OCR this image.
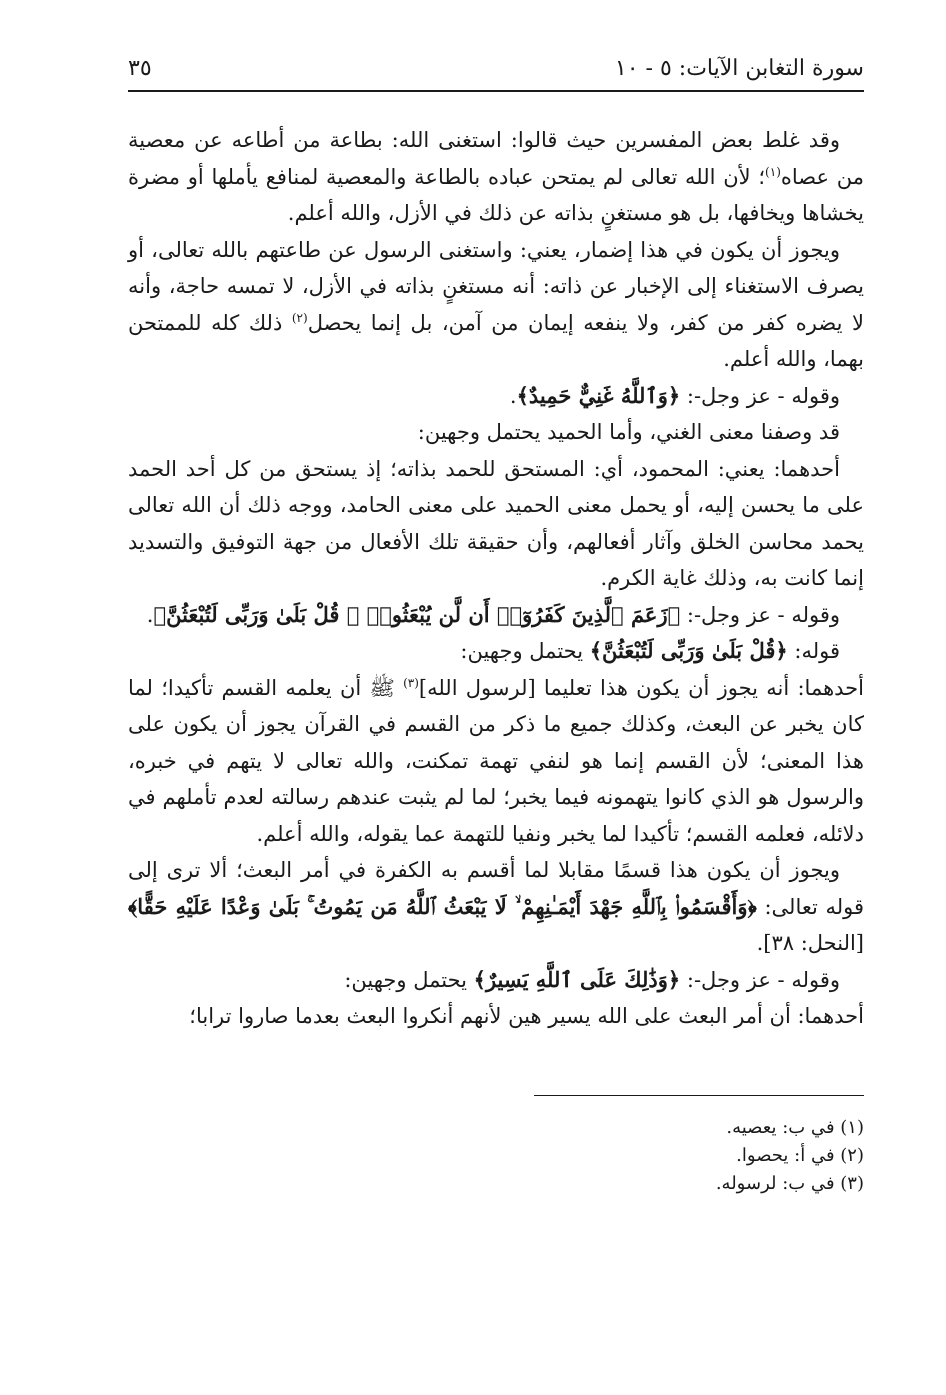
سورة التغابن الآيات: ٥ - ١٠
٣٥

وقد غلط بعض المفسرين حيث قالوا: استغنى الله: بطاعة من أطاعه عن معصية من عصاه$^{(١)}$؛ لأن الله تعالى لم يمتحن عباده بالطاعة والمعصية لمنافع يأملها أو مضرة يخشاها ويخافها، بل هو مستغنٍ بذاته عن ذلك في الأزل، والله أعلم.

ويجوز أن يكون في هذا إضمار، يعني: واستغنى الرسول عن طاعتهم بالله تعالى، أو يصرف الاستغناء إلى الإخبار عن ذاته: أنه مستغنٍ بذاته في الأزل، لا تمسه حاجة، وأنه لا يضره كفر من كفر، ولا ينفعه إيمان من آمن، بل إنما يحصل$^{(٢)}$ ذلك كله للممتحن بهما، والله أعلم.

وقوله - عز وجل-: ﴿وَٱللَّهُ غَنِيٌّ حَمِيدٌ﴾.

قد وصفنا معنى الغني، وأما الحميد يحتمل وجهين:

أحدهما: يعني: المحمود، أي: المستحق للحمد بذاته؛ إذ يستحق من كل أحد الحمد على ما يحسن إليه، أو يحمل معنى الحميد على معنى الحامد، ووجه ذلك أن الله تعالى يحمد محاسن الخلق وآثار أفعالهم، وأن حقيقة تلك الأفعال من جهة التوفيق والتسديد إنما كانت به، وذلك غاية الكرم.

وقوله - عز وجل-: ﴿زَعَمَ ٱلَّذِينَ كَفَرُوٓا۟ أَن لَّن يُبْعَثُوا۟ ۚ قُلْ بَلَىٰ وَرَبِّى لَتُبْعَثُنَّ﴾.

قوله: ﴿قُلْ بَلَىٰ وَرَبِّى لَتُبْعَثُنَّ﴾ يحتمل وجهين:

أحدهما: أنه يجوز أن يكون هذا تعليما [لرسول الله]$^{(٣)}$ ﷺ أن يعلمه القسم تأكيدا؛ لما كان يخبر عن البعث، وكذلك جميع ما ذكر من القسم في القرآن يجوز أن يكون على هذا المعنى؛ لأن القسم إنما هو لنفي تهمة تمكنت، والله تعالى لا يتهم في خبره، والرسول هو الذي كانوا يتهمونه فيما يخبر؛ لما لم يثبت عندهم رسالته لعدم تأملهم في دلائله، فعلمه القسم؛ تأكيدا لما يخبر ونفيا للتهمة عما يقوله، والله أعلم.

ويجوز أن يكون هذا قسمًا مقابلا لما أقسم به الكفرة في أمر البعث؛ ألا ترى إلى قوله تعالى: ﴿وَأَقْسَمُوا۟ بِٱللَّهِ جَهْدَ أَيْمَـٰنِهِمْ ۙ لَا يَبْعَثُ ٱللَّهُ مَن يَمُوتُ ۚ بَلَىٰ وَعْدًا عَلَيْهِ حَقًّا﴾ [النحل: ٣٨].

وقوله - عز وجل-: ﴿وَذَٰلِكَ عَلَى ٱللَّهِ يَسِيرٌ﴾ يحتمل وجهين:

أحدهما: أن أمر البعث على الله يسير هين لأنهم أنكروا البعث بعدما صاروا ترابا؛

(١) في ب: يعصيه.

(٢) في أ: يحصوا.

(٣) في ب: لرسوله.
